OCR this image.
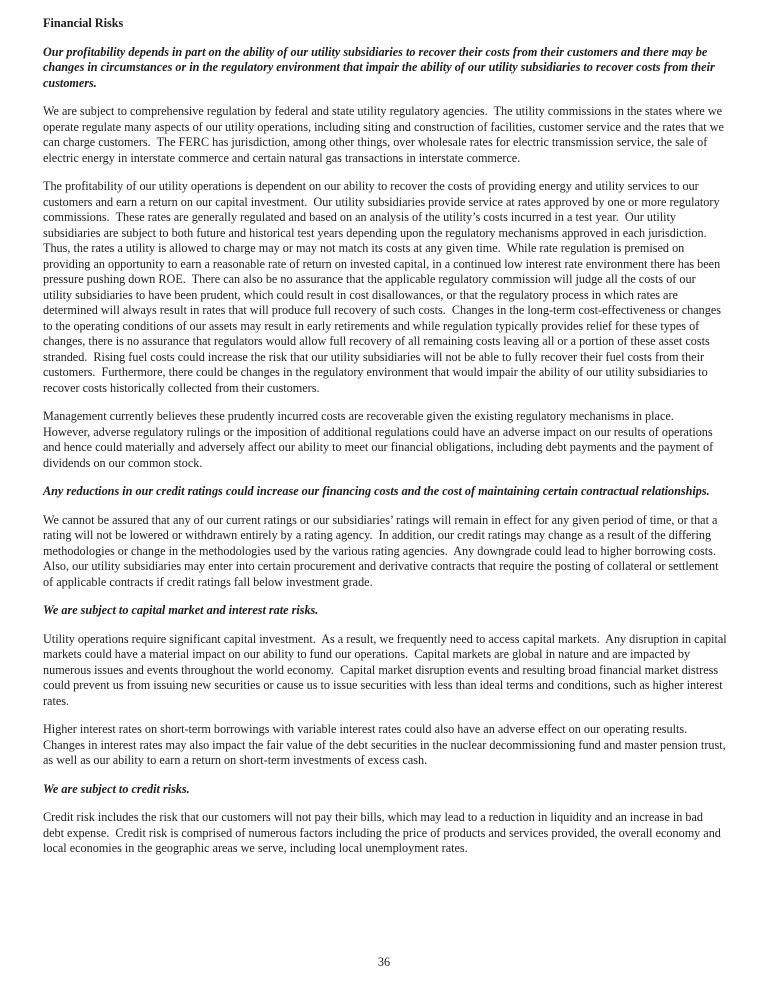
Financial Risks
Our profitability depends in part on the ability of our utility subsidiaries to recover their costs from their customers and there may be changes in circumstances or in the regulatory environment that impair the ability of our utility subsidiaries to recover costs from their customers.
We are subject to comprehensive regulation by federal and state utility regulatory agencies.  The utility commissions in the states where we operate regulate many aspects of our utility operations, including siting and construction of facilities, customer service and the rates that we can charge customers.  The FERC has jurisdiction, among other things, over wholesale rates for electric transmission service, the sale of electric energy in interstate commerce and certain natural gas transactions in interstate commerce.
The profitability of our utility operations is dependent on our ability to recover the costs of providing energy and utility services to our customers and earn a return on our capital investment.  Our utility subsidiaries provide service at rates approved by one or more regulatory commissions.  These rates are generally regulated and based on an analysis of the utility’s costs incurred in a test year.  Our utility subsidiaries are subject to both future and historical test years depending upon the regulatory mechanisms approved in each jurisdiction.  Thus, the rates a utility is allowed to charge may or may not match its costs at any given time.  While rate regulation is premised on providing an opportunity to earn a reasonable rate of return on invested capital, in a continued low interest rate environment there has been pressure pushing down ROE.  There can also be no assurance that the applicable regulatory commission will judge all the costs of our utility subsidiaries to have been prudent, which could result in cost disallowances, or that the regulatory process in which rates are determined will always result in rates that will produce full recovery of such costs.  Changes in the long-term cost-effectiveness or changes to the operating conditions of our assets may result in early retirements and while regulation typically provides relief for these types of changes, there is no assurance that regulators would allow full recovery of all remaining costs leaving all or a portion of these asset costs stranded.  Rising fuel costs could increase the risk that our utility subsidiaries will not be able to fully recover their fuel costs from their customers.  Furthermore, there could be changes in the regulatory environment that would impair the ability of our utility subsidiaries to recover costs historically collected from their customers.
Management currently believes these prudently incurred costs are recoverable given the existing regulatory mechanisms in place.  However, adverse regulatory rulings or the imposition of additional regulations could have an adverse impact on our results of operations and hence could materially and adversely affect our ability to meet our financial obligations, including debt payments and the payment of dividends on our common stock.
Any reductions in our credit ratings could increase our financing costs and the cost of maintaining certain contractual relationships.
We cannot be assured that any of our current ratings or our subsidiaries’ ratings will remain in effect for any given period of time, or that a rating will not be lowered or withdrawn entirely by a rating agency.  In addition, our credit ratings may change as a result of the differing methodologies or change in the methodologies used by the various rating agencies.  Any downgrade could lead to higher borrowing costs.  Also, our utility subsidiaries may enter into certain procurement and derivative contracts that require the posting of collateral or settlement of applicable contracts if credit ratings fall below investment grade.
We are subject to capital market and interest rate risks.
Utility operations require significant capital investment.  As a result, we frequently need to access capital markets.  Any disruption in capital markets could have a material impact on our ability to fund our operations.  Capital markets are global in nature and are impacted by numerous issues and events throughout the world economy.  Capital market disruption events and resulting broad financial market distress could prevent us from issuing new securities or cause us to issue securities with less than ideal terms and conditions, such as higher interest rates.
Higher interest rates on short-term borrowings with variable interest rates could also have an adverse effect on our operating results.  Changes in interest rates may also impact the fair value of the debt securities in the nuclear decommissioning fund and master pension trust, as well as our ability to earn a return on short-term investments of excess cash.
We are subject to credit risks.
Credit risk includes the risk that our customers will not pay their bills, which may lead to a reduction in liquidity and an increase in bad debt expense.  Credit risk is comprised of numerous factors including the price of products and services provided, the overall economy and local economies in the geographic areas we serve, including local unemployment rates.
36
